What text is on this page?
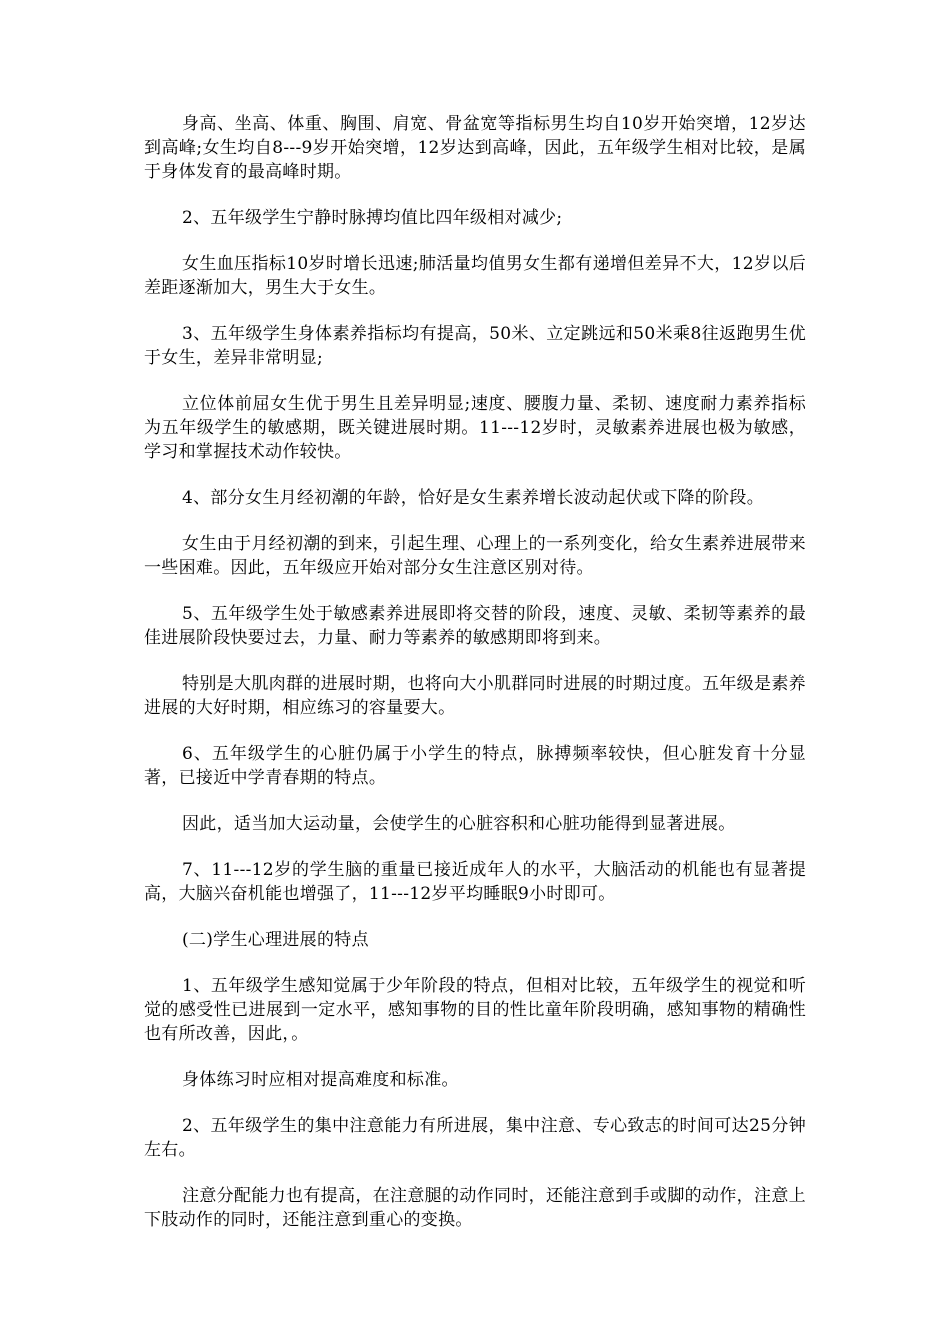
身高、坐高、体重、胸围、肩宽、骨盆宽等指标男生均自10岁开始突增，12岁达到高峰;女生均自8---9岁开始突增，12岁达到高峰，因此，五年级学生相对比较，是属于身体发育的最高峰时期。

2、五年级学生宁静时脉搏均值比四年级相对减少;

女生血压指标10岁时增长迅速;肺活量均值男女生都有递增但差异不大，12岁以后差距逐渐加大，男生大于女生。

3、五年级学生身体素养指标均有提高，50米、立定跳远和50米乘8往返跑男生优于女生，差异非常明显;

立位体前屈女生优于男生且差异明显;速度、腰腹力量、柔韧、速度耐力素养指标为五年级学生的敏感期，既关键进展时期。11---12岁时，灵敏素养进展也极为敏感，学习和掌握技术动作较快。

4、部分女生月经初潮的年龄，恰好是女生素养增长波动起伏或下降的阶段。

女生由于月经初潮的到来，引起生理、心理上的一系列变化，给女生素养进展带来一些困难。因此，五年级应开始对部分女生注意区别对待。

5、五年级学生处于敏感素养进展即将交替的阶段，速度、灵敏、柔韧等素养的最佳进展阶段快要过去，力量、耐力等素养的敏感期即将到来。

特别是大肌肉群的进展时期，也将向大小肌群同时进展的时期过度。五年级是素养进展的大好时期，相应练习的容量要大。

6、五年级学生的心脏仍属于小学生的特点，脉搏频率较快，但心脏发育十分显著，已接近中学青春期的特点。

因此，适当加大运动量，会使学生的心脏容积和心脏功能得到显著进展。

7、11---12岁的学生脑的重量已接近成年人的水平，大脑活动的机能也有显著提高，大脑兴奋机能也增强了，11---12岁平均睡眠9小时即可。

(二)学生心理进展的特点

1、五年级学生感知觉属于少年阶段的特点，但相对比较，五年级学生的视觉和听觉的感受性已进展到一定水平，感知事物的目的性比童年阶段明确，感知事物的精确性也有所改善，因此，。

身体练习时应相对提高难度和标准。

2、五年级学生的集中注意能力有所进展，集中注意、专心致志的时间可达25分钟左右。

注意分配能力也有提高，在注意腿的动作同时，还能注意到手或脚的动作，注意上下肢动作的同时，还能注意到重心的变换。
